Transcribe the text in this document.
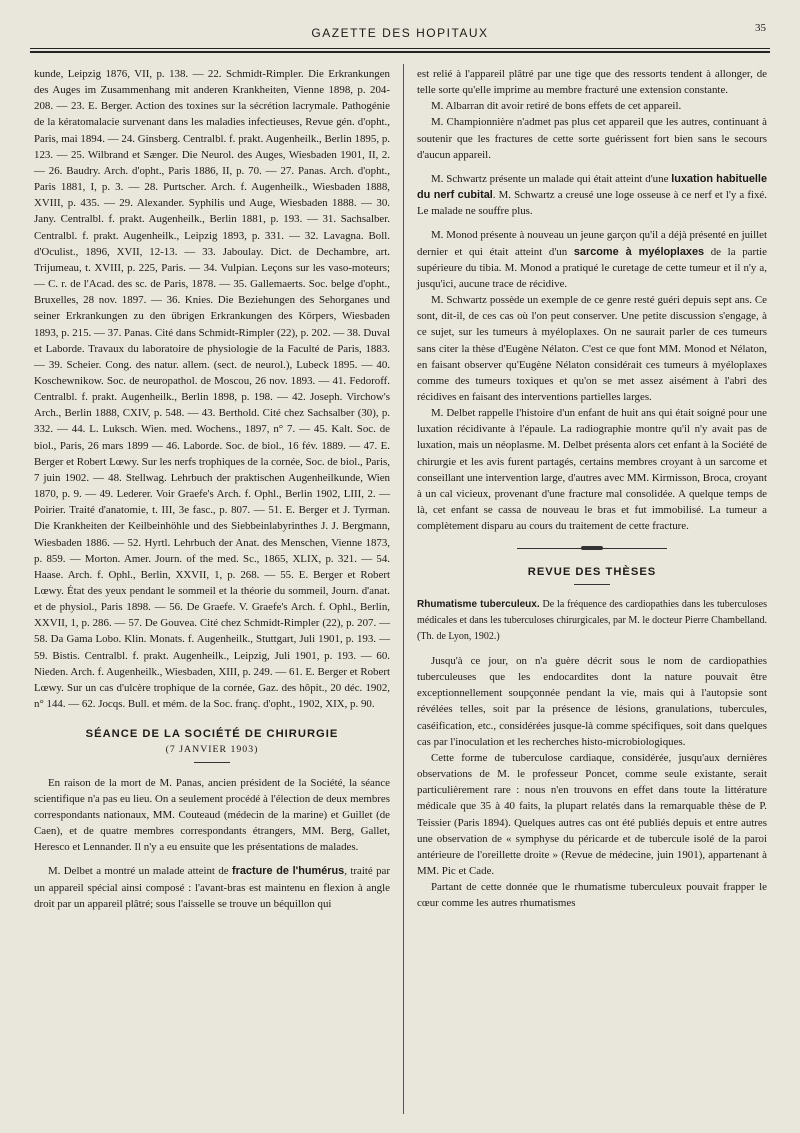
GAZETTE DES HOPITAUX	35

kunde, Leipzig 1876, VII, p. 138. — 22. Schmidt-Rimpler. Die Erkrankungen des Auges im Zusammenhang mit anderen Krankheiten, Vienne 1898, p. 204-208. — 23. E. Berger. Action des toxines sur la sécrétion lacrymale. Pathogénie de la kératomalacie survenant dans les maladies infectieuses, Revue gén. d'opht., Paris, mai 1894. — 24. Ginsberg. Centralbl. f. prakt. Augenheilk., Berlin 1895, p. 123. — 25. Wilbrand et Sænger. Die Neurol. des Auges, Wiesbaden 1901, II, 2. — 26. Baudry. Arch. d'opht., Paris 1886, II, p. 70. — 27. Panas. Arch. d'opht., Paris 1881, I, p. 3. — 28. Purtscher. Arch. f. Augenheilk., Wiesbaden 1888, XVIII, p. 435. — 29. Alexander. Syphilis und Auge, Wiesbaden 1888. — 30. Jany. Centralbl. f. prakt. Augenheilk., Berlin 1881, p. 193. — 31. Sachsalber. Centralbl. f. prakt. Augenheilk., Leipzig 1893, p. 331. — 32. Lavagna. Boll. d'Oculist., 1896, XVII, 12-13. — 33. Jaboulay. Dict. de Dechambre, art. Trijumeau, t. XVIII, p. 225, Paris. — 34. Vulpian. Leçons sur les vaso-moteurs; — C. r. de l'Acad. des sc. de Paris, 1878. — 35. Gallemaerts. Soc. belge d'opht., Bruxelles, 28 nov. 1897. — 36. Knies. Die Beziehungen des Sehorganes und seiner Erkrankungen zu den übrigen Erkrankungen des Körpers, Wiesbaden 1893, p. 215. — 37. Panas. Cité dans Schmidt-Rimpler (22), p. 202. — 38. Duval et Laborde. Travaux du laboratoire de physiologie de la Faculté de Paris, 1883. — 39. Scheier. Cong. des natur. allem. (sect. de neurol.), Lubeck 1895. — 40. Koschewnikow. Soc. de neuropathol. de Moscou, 26 nov. 1893. — 41. Fedoroff. Centralbl. f. prakt. Augenheilk., Berlin 1898, p. 198. — 42. Joseph. Virchow's Arch., Berlin 1888, CXIV, p. 548. — 43. Berthold. Cité chez Sachsalber (30), p. 332. — 44. L. Luksch. Wien. med. Wochens., 1897, n° 7. — 45. Kalt. Soc. de biol., Paris, 26 mars 1899 — 46. Laborde. Soc. de biol., 16 fév. 1889. — 47. E. Berger et Robert Lœwy. Sur les nerfs trophiques de la cornée, Soc. de biol., Paris, 7 juin 1902. — 48. Stellwag. Lehrbuch der praktischen Augenheilkunde, Wien 1870, p. 9. — 49. Lederer. Voir Graefe's Arch. f. Ophl., Berlin 1902, LIII, 2. — Poirier. Traité d'anatomie, t. III, 3e fasc., p. 807. — 51. E. Berger et J. Tyrman. Die Krankheiten der Keilbeinhöhle und des Siebbeinlabyrinthes J. J. Bergmann, Wiesbaden 1886. — 52. Hyrtl. Lehrbuch der Anat. des Menschen, Vienne 1873, p. 859. — Morton. Amer. Journ. of the med. Sc., 1865, XLIX, p. 321. — 54. Haase. Arch. f. Ophl., Berlin, XXVII, 1, p. 268. — 55. E. Berger et Robert Lœwy. État des yeux pendant le sommeil et la théorie du sommeil, Journ. d'anat. et de physiol., Paris 1898. — 56. De Graefe. V. Graefe's Arch. f. Ophl., Berlin, XXVII, 1, p. 286. — 57. De Gouvea. Cité chez Schmidt-Rimpler (22), p. 207. — 58. Da Gama Lobo. Klin. Monats. f. Augenheilk., Stuttgart, Juli 1901, p. 193. — 59. Bistis. Centralbl. f. prakt. Augenheilk., Leipzig, Juli 1901, p. 193. — 60. Nieden. Arch. f. Augenheilk., Wiesbaden, XIII, p. 249. — 61. E. Berger et Robert Lœwy. Sur un cas d'ulcère trophique de la cornée, Gaz. des hôpit., 20 déc. 1902, n° 144. — 62. Jocqs. Bull. et mém. de la Soc. franç. d'opht., 1902, XIX, p. 90.

SÉANCE DE LA SOCIÉTÉ DE CHIRURGIE
(7 JANVIER 1903)

En raison de la mort de M. Panas, ancien président de la Société, la séance scientifique n'a pas eu lieu. On a seulement procédé à l'élection de deux membres correspondants nationaux, MM. Couteaud (médecin de la marine) et Guillet (de Caen), et de quatre membres correspondants étrangers, MM. Berg, Gallet, Heresco et Lennander. Il n'y a eu ensuite que les présentations de malades.

M. Delbet a montré un malade atteint de fracture de l'humérus, traité par un appareil spécial ainsi composé : l'avant-bras est maintenu en flexion à angle droit par un appareil plâtré; sous l'aisselle se trouve un béquillon qui

est relié à l'appareil plâtré par une tige que des ressorts tendent à allonger, de telle sorte qu'elle imprime au membre fracturé une extension constante.

M. Albarran dit avoir retiré de bons effets de cet appareil.

M. Championnière n'admet pas plus cet appareil que les autres, continuant à soutenir que les fractures de cette sorte guérissent fort bien sans le secours d'aucun appareil.

M. Schwartz présente un malade qui était atteint d'une luxation habituelle du nerf cubital. M. Schwartz a creusé une loge osseuse à ce nerf et l'y a fixé. Le malade ne souffre plus.

M. Monod présente à nouveau un jeune garçon qu'il a déjà présenté en juillet dernier et qui était atteint d'un sarcome à myéloplaxes de la partie supérieure du tibia. M. Monod a pratiqué le curetage de cette tumeur et il n'y a, jusqu'ici, aucune trace de récidive.

M. Schwartz possède un exemple de ce genre resté guéri depuis sept ans. Ce sont, dit-il, de ces cas où l'on peut conserver. Une petite discussion s'engage, à ce sujet, sur les tumeurs à myéloplaxes. On ne saurait parler de ces tumeurs sans citer la thèse d'Eugène Nélaton. C'est ce que font MM. Monod et Nélaton, en faisant observer qu'Eugène Nélaton considérait ces tumeurs à myéloplaxes comme des tumeurs toxiques et qu'on se met assez aisément à l'abri des récidives en faisant des interventions partielles larges.

M. Delbet rappelle l'histoire d'un enfant de huit ans qui était soigné pour une luxation récidivante à l'épaule. La radiographie montre qu'il n'y avait pas de luxation, mais un néoplasme. M. Delbet présenta alors cet enfant à la Société de chirurgie et les avis furent partagés, certains membres croyant à un sarcome et conseillant une intervention large, d'autres avec MM. Kirmisson, Broca, croyant à un cal vicieux, provenant d'une fracture mal consolidée. A quelque temps de là, cet enfant se cassa de nouveau le bras et fut immobilisé. La tumeur a complètement disparu au cours du traitement de cette fracture.

REVUE DES THÈSES

Rhumatisme tuberculeux. De la fréquence des cardiopathies dans les tuberculoses médicales et dans les tuberculoses chirurgicales, par M. le docteur Pierre Chambelland. (Th. de Lyon, 1902.)

Jusqu'à ce jour, on n'a guère décrit sous le nom de cardiopathies tuberculeuses que les endocardites dont la nature pouvait être exceptionnellement soupçonnée pendant la vie, mais qui à l'autopsie sont révélées telles, soit par la présence de lésions, granulations, tubercules, caséification, etc., considérées jusque-là comme spécifiques, soit dans quelques cas par l'inoculation et les recherches histo-microbiologiques.

Cette forme de tuberculose cardiaque, considérée, jusqu'aux dernières observations de M. le professeur Poncet, comme seule existante, serait particulièrement rare : nous n'en trouvons en effet dans toute la littérature médicale que 35 à 40 faits, la plupart relatés dans la remarquable thèse de P. Teissier (Paris 1894). Quelques autres cas ont été publiés depuis et entre autres une observation de « symphyse du péricarde et de tubercule isolé de la paroi antérieure de l'oreillette droite » (Revue de médecine, juin 1901), appartenant à MM. Pic et Cade.

Partant de cette donnée que le rhumatisme tuberculeux pouvait frapper le cœur comme les autres rhumatismes
